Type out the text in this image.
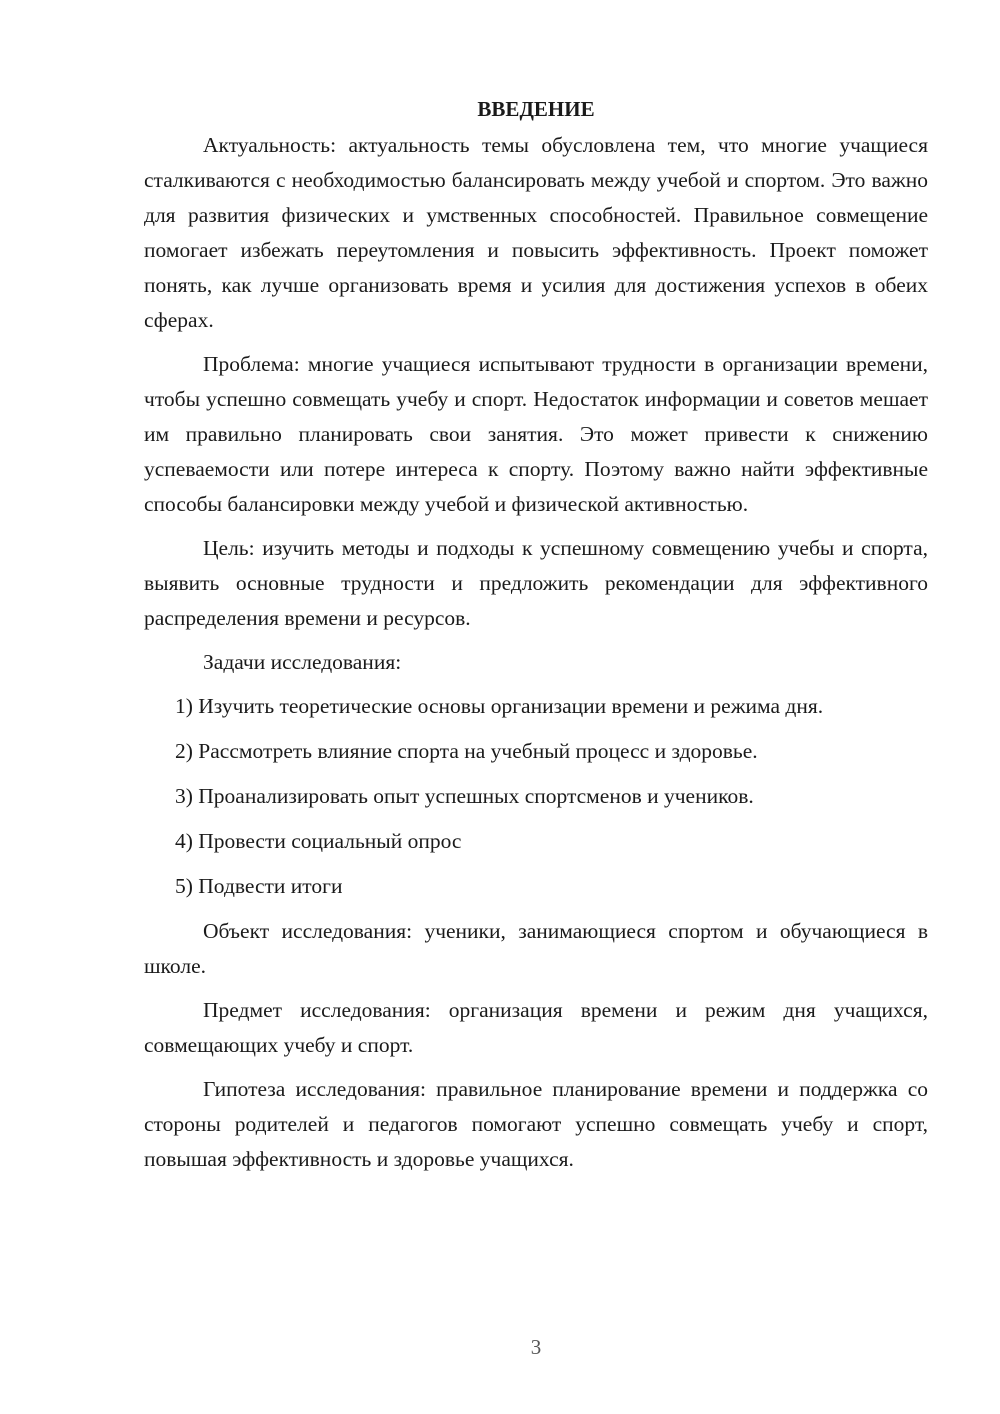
ВВЕДЕНИЕ

Актуальность: актуальность темы обусловлена тем, что многие учащиеся сталкиваются с необходимостью балансировать между учебой и спортом. Это важно для развития физических и умственных способностей. Правильное совмещение помогает избежать переутомления и повысить эффективность. Проект поможет понять, как лучше организовать время и усилия для достижения успехов в обеих сферах.

Проблема: многие учащиеся испытывают трудности в организации времени, чтобы успешно совмещать учебу и спорт. Недостаток информации и советов мешает им правильно планировать свои занятия. Это может привести к снижению успеваемости или потере интереса к спорту. Поэтому важно найти эффективные способы балансировки между учебой и физической активностью.

Цель: изучить методы и подходы к успешному совмещению учебы и спорта, выявить основные трудности и предложить рекомендации для эффективного распределения времени и ресурсов.

Задачи исследования:

1) Изучить теоретические основы организации времени и режима дня.

2) Рассмотреть влияние спорта на учебный процесс и здоровье.

3) Проанализировать опыт успешных спортсменов и учеников.

4) Провести социальный опрос

5) Подвести итоги

Объект исследования: ученики, занимающиеся спортом и обучающиеся в школе.

Предмет исследования: организация времени и режим дня учащихся, совмещающих учебу и спорт.

Гипотеза исследования: правильное планирование времени и поддержка со стороны родителей и педагогов помогают успешно совмещать учебу и спорт, повышая эффективность и здоровье учащихся.

3
